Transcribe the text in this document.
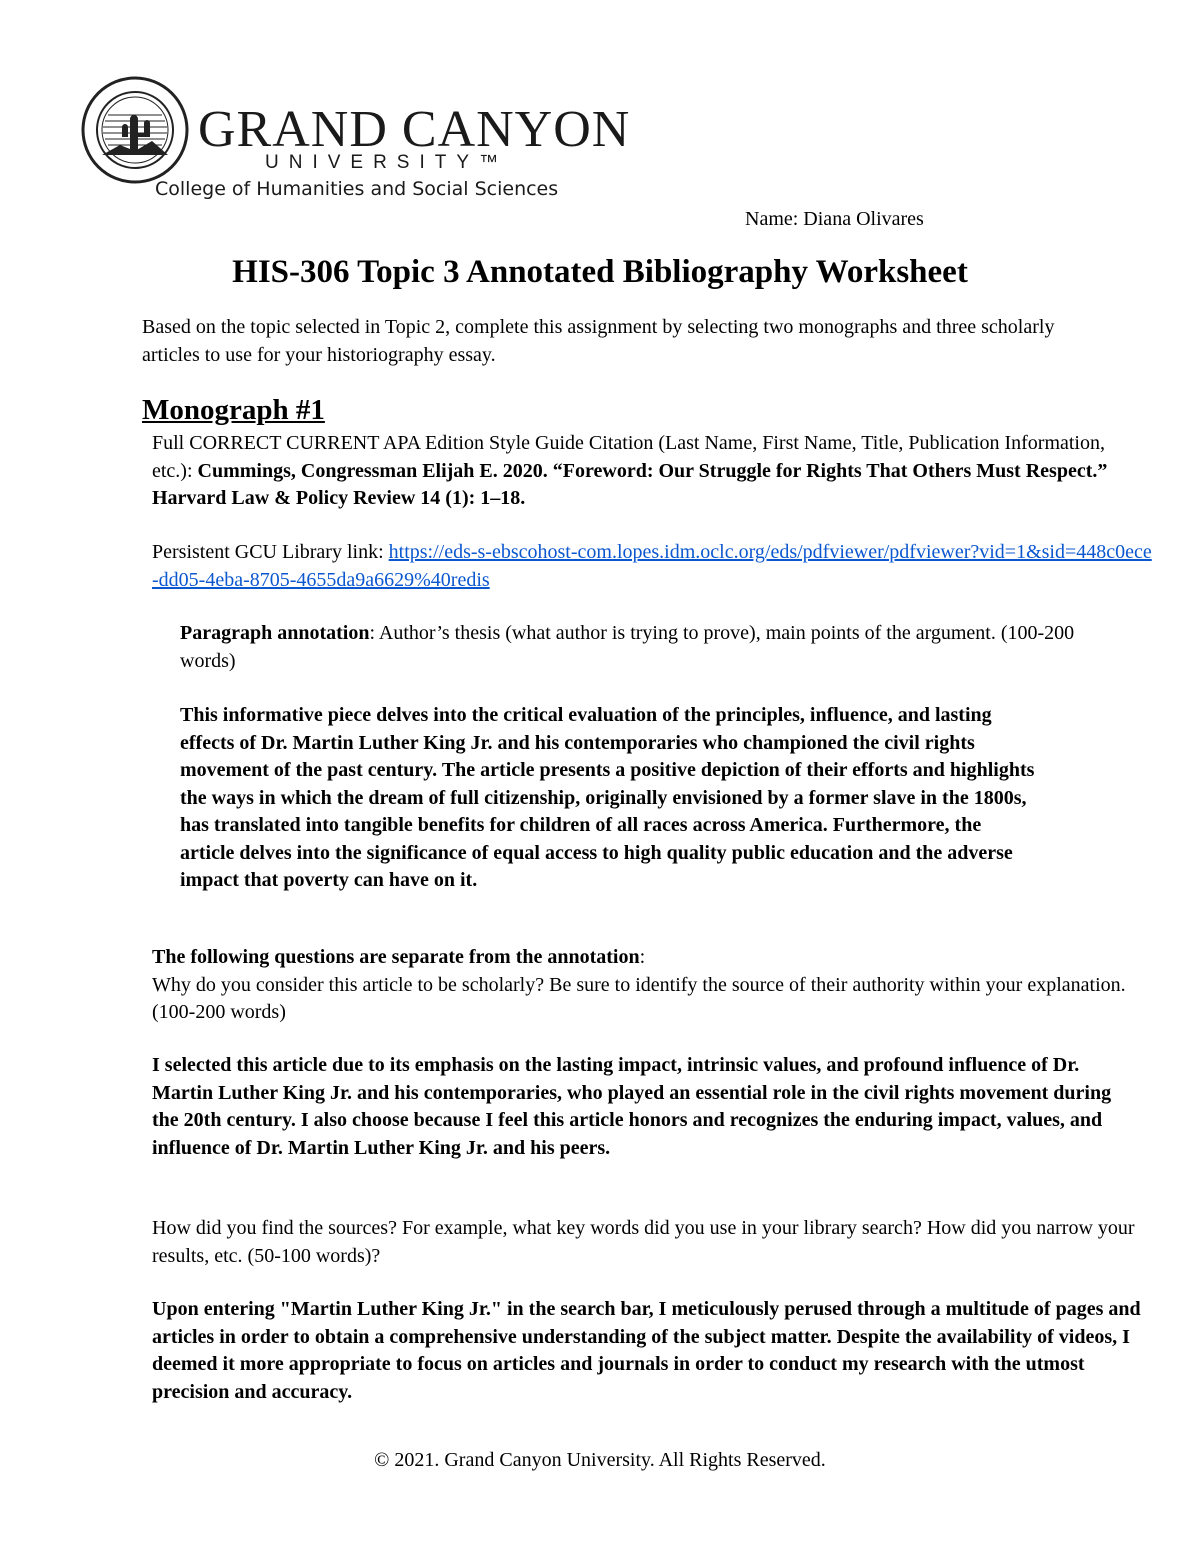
GRAND CANYON
UNIVERSITY™
College of Humanities and Social Sciences
Name: Diana Olivares
HIS-306 Topic 3 Annotated Bibliography Worksheet
Based on the topic selected in Topic 2, complete this assignment by selecting two monographs and three scholarly articles to use for your historiography essay.
Monograph #1
Full CORRECT CURRENT APA Edition Style Guide Citation (Last Name, First Name, Title, Publication Information, etc.): Cummings, Congressman Elijah E. 2020. “Foreword: Our Struggle for Rights That Others Must Respect.” Harvard Law & Policy Review 14 (1): 1–18.
Persistent GCU Library link: https://eds-s-ebscohost-com.lopes.idm.oclc.org/eds/pdfviewer/pdfviewer?vid=1&sid=448c0ece-dd05-4eba-8705-4655da9a6629%40redis
Paragraph annotation: Author’s thesis (what author is trying to prove), main points of the argument. (100-200 words)
This informative piece delves into the critical evaluation of the principles, influence, and lasting effects of Dr. Martin Luther King Jr. and his contemporaries who championed the civil rights movement of the past century. The article presents a positive depiction of their efforts and highlights the ways in which the dream of full citizenship, originally envisioned by a former slave in the 1800s, has translated into tangible benefits for children of all races across America. Furthermore, the article delves into the significance of equal access to high quality public education and the adverse impact that poverty can have on it.
The following questions are separate from the annotation:
Why do you consider this article to be scholarly? Be sure to identify the source of their authority within your explanation. (100-200 words)
I selected this article due to its emphasis on the lasting impact, intrinsic values, and profound influence of Dr. Martin Luther King Jr. and his contemporaries, who played an essential role in the civil rights movement during the 20th century. I also choose because I feel this article honors and recognizes the enduring impact, values, and influence of Dr. Martin Luther King Jr. and his peers.
How did you find the sources? For example, what key words did you use in your library search? How did you narrow your results, etc. (50-100 words)?
Upon entering "Martin Luther King Jr." in the search bar, I meticulously perused through a multitude of pages and articles in order to obtain a comprehensive understanding of the subject matter. Despite the availability of videos, I deemed it more appropriate to focus on articles and journals in order to conduct my research with the utmost precision and accuracy.
© 2021. Grand Canyon University. All Rights Reserved.
